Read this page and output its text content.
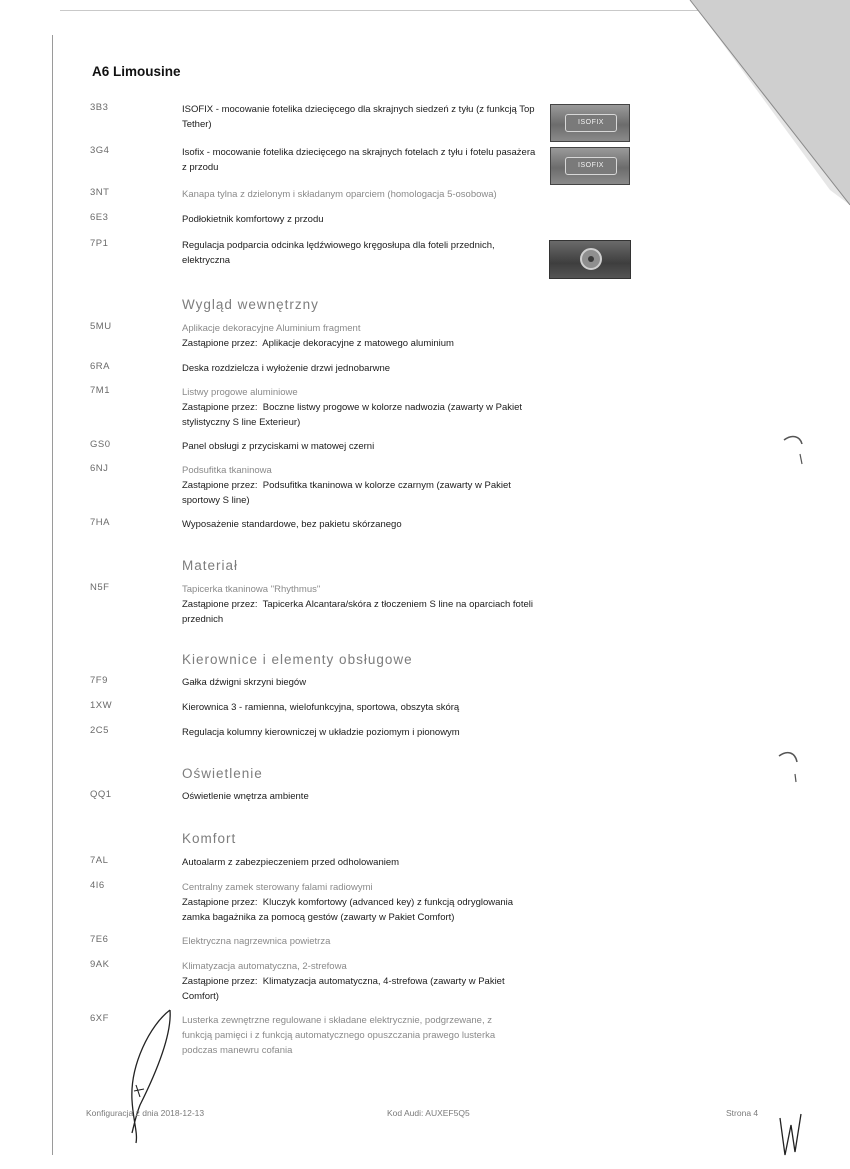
A6 Limousine
3B3	ISOFIX - mocowanie fotelika dziecięcego dla skrajnych siedzeń z tyłu (z funkcją Top Tether)	ISOFIX
3G4	Isofix - mocowanie fotelika dziecięcego na skrajnych fotelach z tyłu i fotelu pasażera z przodu	ISOFIX
3NT	Kanapa tylna z dzielonym i składanym oparciem (homologacja 5-osobowa)
6E3	Podłokietnik komfortowy z przodu
7P1	Regulacja podparcia odcinka lędźwiowego kręgosłupa dla foteli przednich, elektryczna
Wygląd wewnętrzny
5MU	Aplikacje dekoracyjne Aluminium fragment
Zastąpione przez: Aplikacje dekoracyjne z matowego aluminium
6RA	Deska rozdzielcza i wyłożenie drzwi jednobarwne
7M1	Listwy progowe aluminiowe
Zastąpione przez: Boczne listwy progowe w kolorze nadwozia (zawarty w Pakiet stylistyczny S line Exterieur)
GS0	Panel obsługi z przyciskami w matowej czerni
6NJ	Podsufitka tkaninowa
Zastąpione przez: Podsufitka tkaninowa w kolorze czarnym (zawarty w Pakiet sportowy S line)
7HA	Wyposażenie standardowe, bez pakietu skórzanego
Materiał
N5F	Tapicerka tkaninowa "Rhythmus"
Zastąpione przez: Tapicerka Alcantara/skóra z tłoczeniem S line na oparciach foteli przednich
Kierownice i elementy obsługowe
7F9	Gałka dźwigni skrzyni biegów
1XW	Kierownica 3 - ramienna, wielofunkcyjna, sportowa, obszyta skórą
2C5	Regulacja kolumny kierowniczej w układzie poziomym i pionowym
Oświetlenie
QQ1	Oświetlenie wnętrza ambiente
Komfort
7AL	Autoalarm z zabezpieczeniem przed odholowaniem
4I6	Centralny zamek sterowany falami radiowymi
Zastąpione przez: Kluczyk komfortowy (advanced key) z funkcją odryglowania zamka bagażnika za pomocą gestów (zawarty w Pakiet Comfort)
7E6	Elektryczna nagrzewnica powietrza
9AK	Klimatyzacja automatyczna, 2-strefowa
Zastąpione przez: Klimatyzacja automatyczna, 4-strefowa (zawarty w Pakiet Comfort)
6XF	Lusterka zewnętrzne regulowane i składane elektrycznie, podgrzewane, z funkcją pamięci i z funkcją automatycznego opuszczania prawego lusterka podczas manewru cofania
Konfiguracja z dnia 2018-12-13	Kod Audi: AUXEF5Q5	Strona 4
